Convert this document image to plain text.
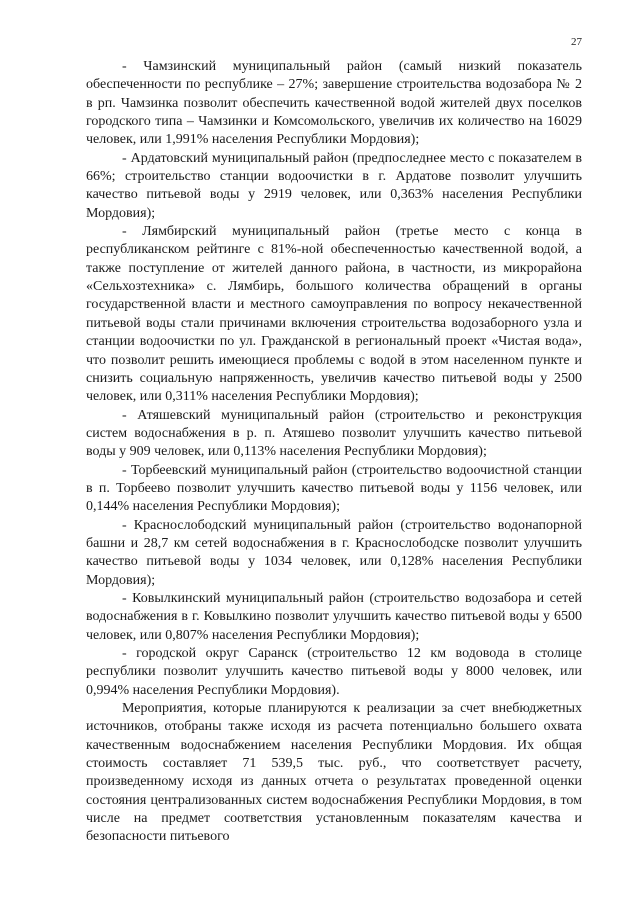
27

- Чамзинский муниципальный район (самый низкий показатель обеспеченности по республике – 27%; завершение строительства водозабора № 2 в рп. Чамзинка позволит обеспечить качественной водой жителей двух поселков городского типа – Чамзинки и Комсомольского, увеличив их количество на 16029 человек, или 1,991% населения Республики Мордовия);

- Ардатовский муниципальный район (предпоследнее место с показателем в 66%; строительство станции водоочистки в г. Ардатове позволит улучшить качество питьевой воды у 2919 человек, или 0,363% населения Республики Мордовия);

- Лямбирский муниципальный район (третье место с конца в республиканском рейтинге с 81%-ной обеспеченностью качественной водой, а также поступление от жителей данного района, в частности, из микрорайона «Сельхозтехника» с. Лямбирь, большого количества обращений в органы государственной власти и местного самоуправления по вопросу некачественной питьевой воды стали причинами включения строительства водозаборного узла и станции водоочистки по ул. Гражданской в региональный проект «Чистая вода», что позволит решить имеющиеся проблемы с водой в этом населенном пункте и снизить социальную напряженность, увеличив качество питьевой воды у 2500 человек, или 0,311% населения Республики Мордовия);

- Атяшевский муниципальный район (строительство и реконструкция систем водоснабжения в р. п. Атяшево позволит улучшить качество питьевой воды у 909 человек, или 0,113% населения Республики Мордовия);

- Торбеевский муниципальный район (строительство водоочистной станции в п. Торбеево позволит улучшить качество питьевой воды у 1156 человек, или 0,144% населения Республики Мордовия);

- Краснослободский муниципальный район (строительство водонапорной башни и 28,7 км сетей водоснабжения в г. Краснослободске позволит улучшить качество питьевой воды у 1034 человек, или 0,128% населения Республики Мордовия);

- Ковылкинский муниципальный район (строительство водозабора и сетей водоснабжения в г. Ковылкино позволит улучшить качество питьевой воды у 6500 человек, или 0,807% населения Республики Мордовия);

- городской округ Саранск (строительство 12 км водовода в столице республики позволит улучшить качество питьевой воды у 8000 человек, или 0,994% населения Республики Мордовия).

Мероприятия, которые планируются к реализации за счет внебюджетных источников, отобраны также исходя из расчета потенциально большего охвата качественным водоснабжением населения Республики Мордовия. Их общая стоимость составляет 71 539,5 тыс. руб., что соответствует расчету, произведенному исходя из данных отчета о результатах проведенной оценки состояния централизованных систем водоснабжения Республики Мордовия, в том числе на предмет соответствия установленным показателям качества и безопасности питьевого
